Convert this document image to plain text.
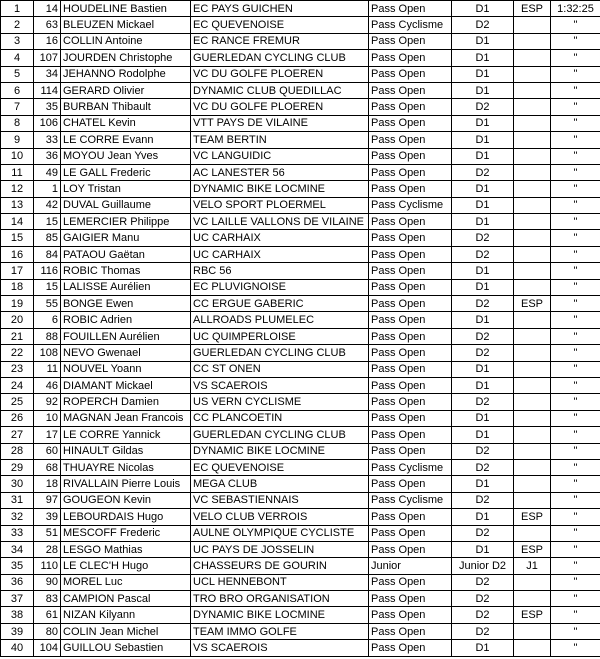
1	14	HOUDELINE Bastien	EC PAYS GUICHEN	Pass Open	D1	ESP	1:32:25
2	63	BLEUZEN Mickael	EC QUEVENOISE	Pass Cyclisme	D2		"
3	16	COLLIN Antoine	EC RANCE FREMUR	Pass Open	D1		"
4	107	JOURDEN Christophe	GUERLEDAN CYCLING CLUB	Pass Open	D1		"
5	34	JEHANNO Rodolphe	VC DU GOLFE PLOEREN	Pass Open	D1		"
6	114	GERARD Olivier	DYNAMIC CLUB QUEDILLAC	Pass Open	D1		"
7	35	BURBAN Thibault	VC DU GOLFE PLOEREN	Pass Open	D2		"
8	106	CHATEL Kevin	VTT PAYS DE VILAINE	Pass Open	D1		"
9	33	LE CORRE Evann	TEAM BERTIN	Pass Open	D1		"
10	36	MOYOU Jean Yves	VC LANGUIDIC	Pass Open	D1		"
11	49	LE GALL Frederic	AC LANESTER 56	Pass Open	D2		"
12	1	LOY Tristan	DYNAMIC BIKE LOCMINE	Pass Open	D1		"
13	42	DUVAL Guillaume	VELO SPORT PLOERMEL	Pass Cyclisme	D1		"
14	15	LEMERCIER Philippe	VC LAILLE VALLONS DE VILAINE	Pass Open	D1		"
15	85	GAIGIER Manu	UC CARHAIX	Pass Open	D2		"
16	84	PATAOU Gaëtan	UC CARHAIX	Pass Open	D2		"
17	116	ROBIC Thomas	RBC 56	Pass Open	D1		"
18	15	LALISSE Aurélien	EC PLUVIGNOISE	Pass Open	D1		"
19	55	BONGE Ewen	CC ERGUE GABERIC	Pass Open	D2	ESP	"
20	6	ROBIC Adrien	ALLROADS PLUMELEC	Pass Open	D1		"
21	88	FOUILLEN Aurélien	UC QUIMPERLOISE	Pass Open	D2		"
22	108	NEVO Gwenael	GUERLEDAN CYCLING CLUB	Pass Open	D2		"
23	11	NOUVEL Yoann	CC ST ONEN	Pass Open	D1		"
24	46	DIAMANT Mickael	VS SCAEROIS	Pass Open	D1		"
25	92	ROPERCH Damien	US VERN CYCLISME	Pass Open	D2		"
26	10	MAGNAN Jean Francois	CC PLANCOETIN	Pass Open	D1		"
27	17	LE CORRE Yannick	GUERLEDAN CYCLING CLUB	Pass Open	D1		"
28	60	HINAULT Gildas	DYNAMIC BIKE LOCMINE	Pass Open	D2		"
29	68	THUAYRE Nicolas	EC QUEVENOISE	Pass Cyclisme	D2		"
30	18	RIVALLAIN Pierre Louis	MEGA CLUB	Pass Open	D1		"
31	97	GOUGEON Kevin	VC SEBASTIENNAIS	Pass Cyclisme	D2		"
32	39	LEBOURDAIS Hugo	VELO CLUB VERROIS	Pass Open	D1	ESP	"
33	51	MESCOFF Frederic	AULNE OLYMPIQUE CYCLISTE	Pass Open	D2		"
34	28	LESGO Mathias	UC PAYS DE JOSSELIN	Pass Open	D1	ESP	"
35	110	LE CLEC'H Hugo	CHASSEURS DE GOURIN	Junior	Junior D2	J1	"
36	90	MOREL Luc	UCL HENNEBONT	Pass Open	D2		"
37	83	CAMPION Pascal	TRO BRO ORGANISATION	Pass Open	D2		"
38	61	NIZAN Kilyann	DYNAMIC BIKE LOCMINE	Pass Open	D2	ESP	"
39	80	COLIN Jean Michel	TEAM IMMO GOLFE	Pass Open	D2		"
40	104	GUILLOU Sebastien	VS SCAEROIS	Pass Open	D1		"
